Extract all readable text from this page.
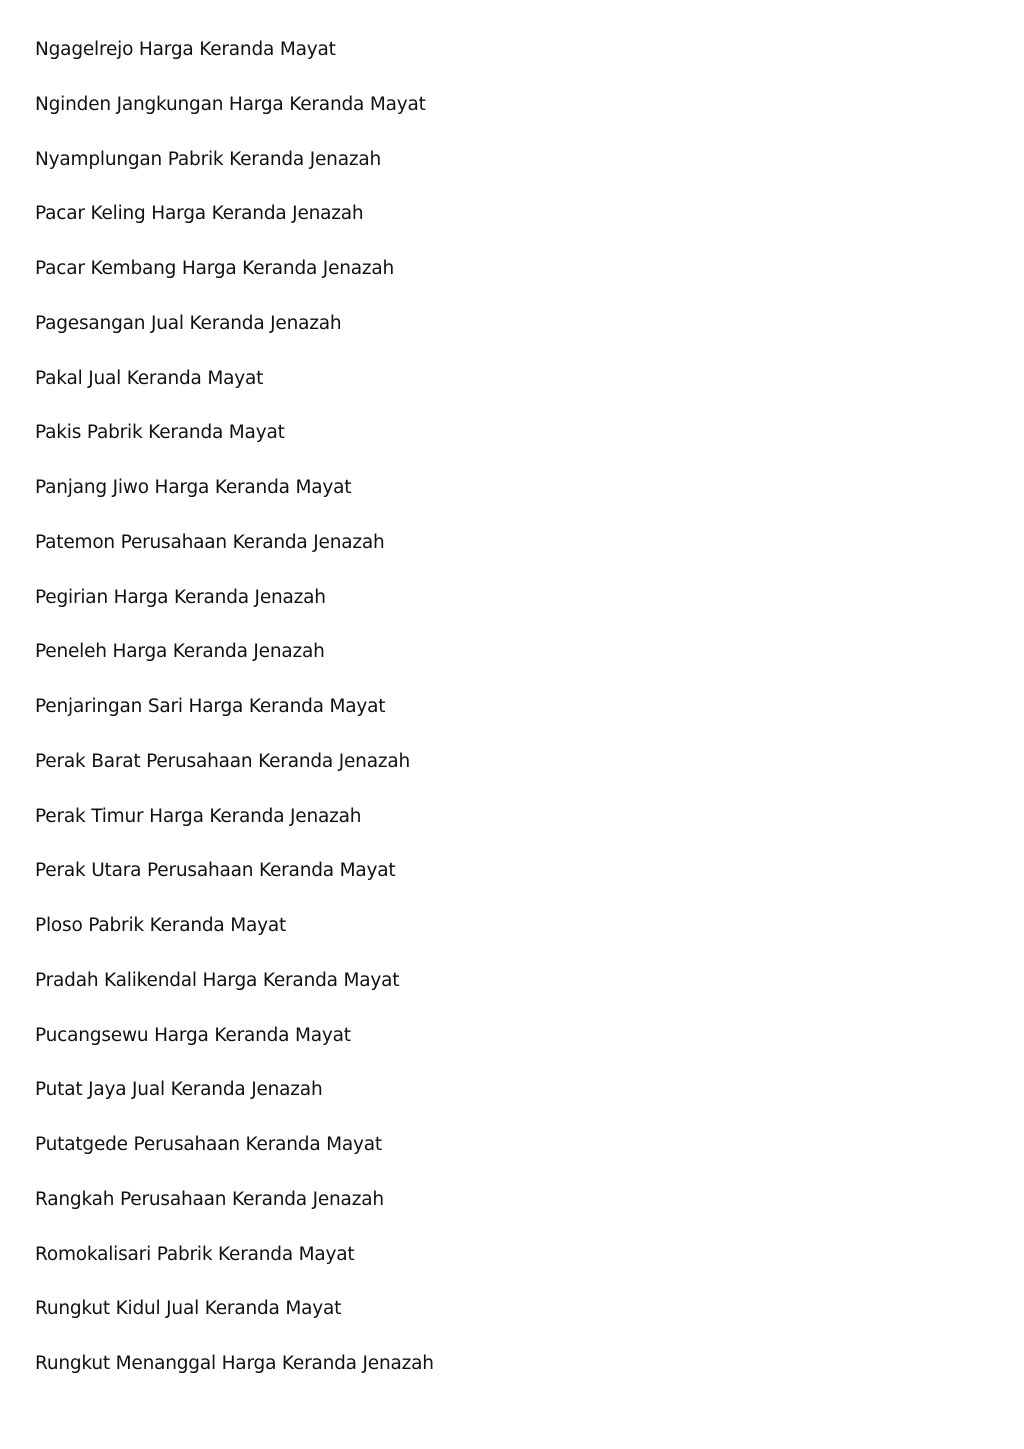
Ngagelrejo Harga Keranda Mayat
Nginden Jangkungan Harga Keranda Mayat
Nyamplungan Pabrik Keranda Jenazah
Pacar Keling Harga Keranda Jenazah
Pacar Kembang Harga Keranda Jenazah
Pagesangan Jual Keranda Jenazah
Pakal Jual Keranda Mayat
Pakis Pabrik Keranda Mayat
Panjang Jiwo Harga Keranda Mayat
Patemon Perusahaan Keranda Jenazah
Pegirian Harga Keranda Jenazah
Peneleh Harga Keranda Jenazah
Penjaringan Sari Harga Keranda Mayat
Perak Barat Perusahaan Keranda Jenazah
Perak Timur Harga Keranda Jenazah
Perak Utara Perusahaan Keranda Mayat
Ploso Pabrik Keranda Mayat
Pradah Kalikendal Harga Keranda Mayat
Pucangsewu Harga Keranda Mayat
Putat Jaya Jual Keranda Jenazah
Putatgede Perusahaan Keranda Mayat
Rangkah Perusahaan Keranda Jenazah
Romokalisari Pabrik Keranda Mayat
Rungkut Kidul Jual Keranda Mayat
Rungkut Menanggal Harga Keranda Jenazah
